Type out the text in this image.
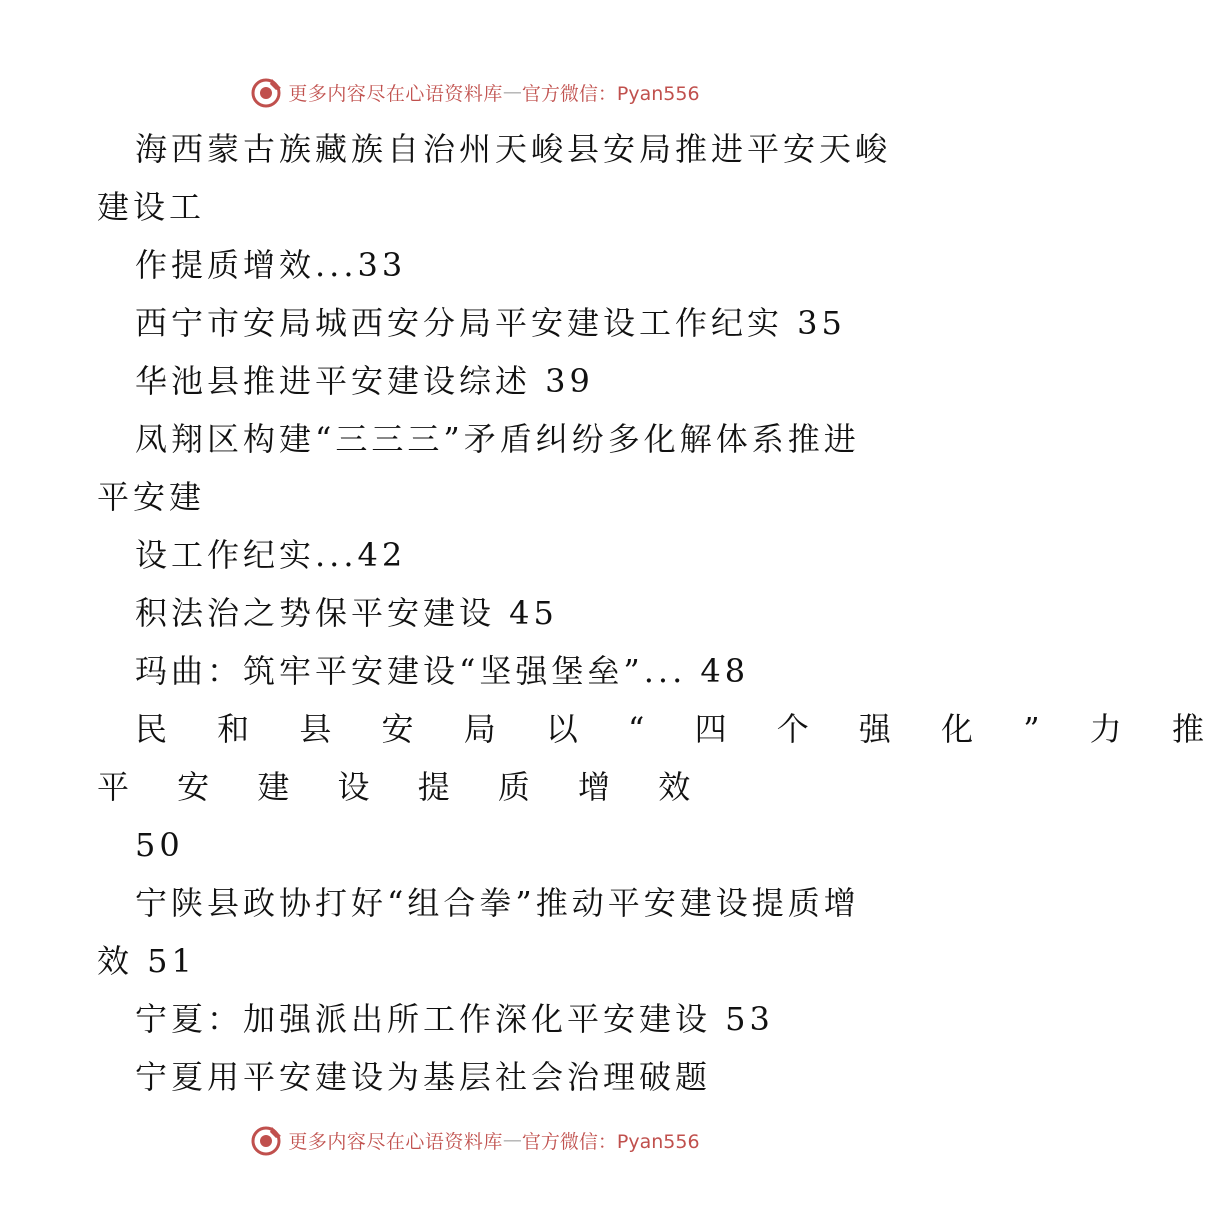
更多内容尽在心语资料库 — 官方微信：Pyan556
海西蒙古族藏族自治州天峻县安局推进平安天峻
建设工
作提质增效...33
西宁市安局城西安分局平安建设工作纪实 35
华池县推进平安建设综述 39
凤翔区构建“三三三”矛盾纠纷多化解体系推进
平安建
设工作纪实...42
积法治之势保平安建设 45
玛曲：筑牢平安建设“坚强堡垒”... 48
民 和 县 安 局 以 “ 四 个 强 化 ” 力 推
平 安 建 设 提 质 增 效
50
宁陕县政协打好“组合拳”推动平安建设提质增
效 51
宁夏：加强派出所工作深化平安建设 53
宁夏用平安建设为基层社会治理破题
更多内容尽在心语资料库 — 官方微信：Pyan556
